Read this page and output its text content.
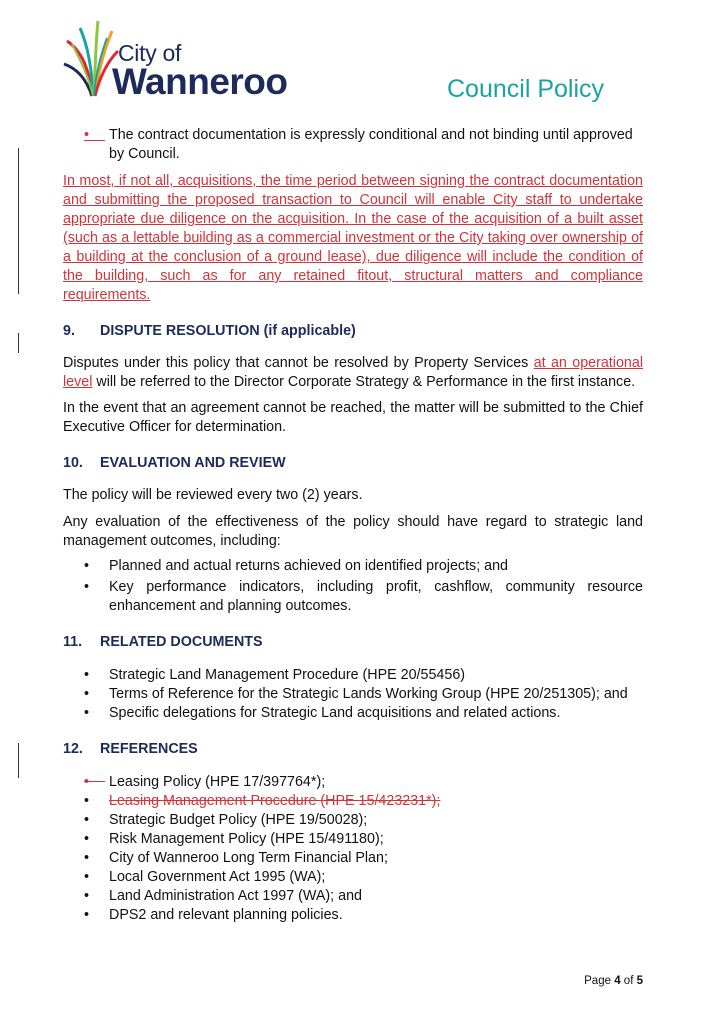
City of
Wanneroo	Council Policy
•
The contract documentation is expressly conditional and not binding until approved by Council.

In most, if not all, acquisitions, the time period between signing the contract documentation and submitting the proposed transaction to Council will enable City staff to undertake appropriate due diligence on the acquisition. In the case of the acquisition of a built asset (such as a lettable building as a commercial investment or the City taking over ownership of a building at the conclusion of a ground lease), due diligence will include the condition of the building, such as for any retained fitout, structural matters and compliance requirements.

9.	DISPUTE RESOLUTION (if applicable)

Disputes under this policy that cannot be resolved by Property Services at an operational level will be referred to the Director Corporate Strategy & Performance in the first instance.

In the event that an agreement cannot be reached, the matter will be submitted to the Chief Executive Officer for determination.

10.	EVALUATION AND REVIEW

The policy will be reviewed every two (2) years.

Any evaluation of the effectiveness of the policy should have regard to strategic land management outcomes, including:

• Planned and actual returns achieved on identified projects; and
• Key performance indicators, including profit, cashflow, community resource enhancement and planning outcomes.
11.	RELATED DOCUMENTS
• Strategic Land Management Procedure (HPE 20/55456)
• Terms of Reference for the Strategic Lands Working Group (HPE 20/251305); and
• Specific delegations for Strategic Land acquisitions and related actions.
12.	REFERENCES
•
Leasing Policy (HPE 17/397764*);
• Leasing Management Procedure (HPE 15/423231*);
• Strategic Budget Policy (HPE 19/50028);
• Risk Management Policy (HPE 15/491180);
• City of Wanneroo Long Term Financial Plan;
• Local Government Act 1995 (WA);
• Land Administration Act 1997 (WA); and
• DPS2 and relevant planning policies.
Page 4 of 5
